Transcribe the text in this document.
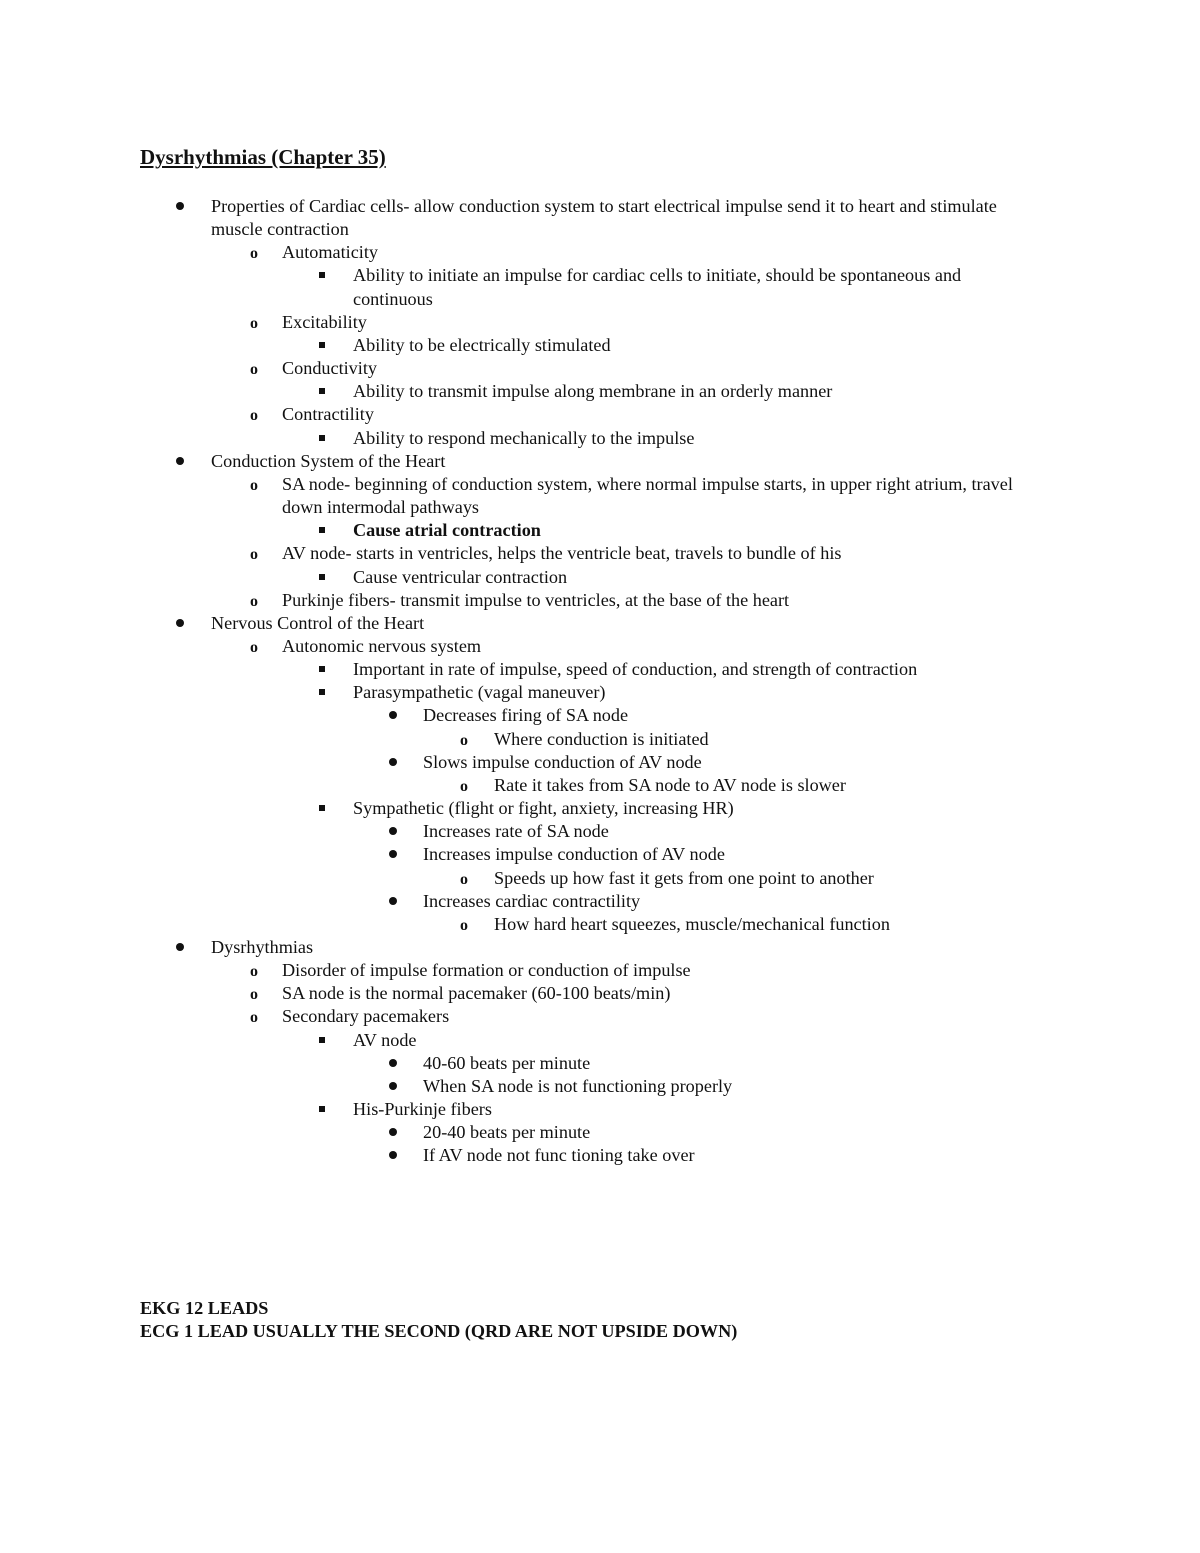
Dysrhythmias (Chapter 35)
Properties of Cardiac cells- allow conduction system to start electrical impulse send it to heart and stimulate muscle contraction
o	Automaticity
Ability to initiate an impulse for cardiac cells to initiate, should be spontaneous and continuous
o	Excitability
Ability to be electrically stimulated
o	Conductivity
Ability to transmit impulse along membrane in an orderly manner
o	Contractility
Ability to respond mechanically to the impulse
Conduction System of the Heart
o	SA node- beginning of conduction system, where normal impulse starts, in upper right atrium, travel down intermodal pathways
Cause atrial contraction
o	AV node- starts in ventricles, helps the ventricle beat, travels to bundle of his
Cause ventricular contraction
o	Purkinje fibers- transmit impulse to ventricles, at the base of the heart
Nervous Control of the Heart
o	Autonomic nervous system
Important in rate of impulse, speed of conduction, and strength of contraction
Parasympathetic (vagal maneuver)
Decreases firing of SA node
o	Where conduction is initiated
Slows impulse conduction of AV node
o	Rate it takes from SA node to AV node is slower
Sympathetic (flight or fight, anxiety, increasing HR)
Increases rate of SA node
Increases impulse conduction of AV node
o	Speeds up how fast it gets from one point to another
Increases cardiac contractility
o	How hard heart squeezes, muscle/mechanical function
Dysrhythmias
o	Disorder of impulse formation or conduction of impulse
o	SA node is the normal pacemaker (60-100 beats/min)
o	Secondary pacemakers
AV node
40-60 beats per minute
When SA node is not functioning properly
His-Purkinje fibers
20-40 beats per minute
If AV node not func tioning take over
EKG 12 LEADS
ECG 1 LEAD USUALLY THE SECOND (QRD ARE NOT UPSIDE DOWN)
